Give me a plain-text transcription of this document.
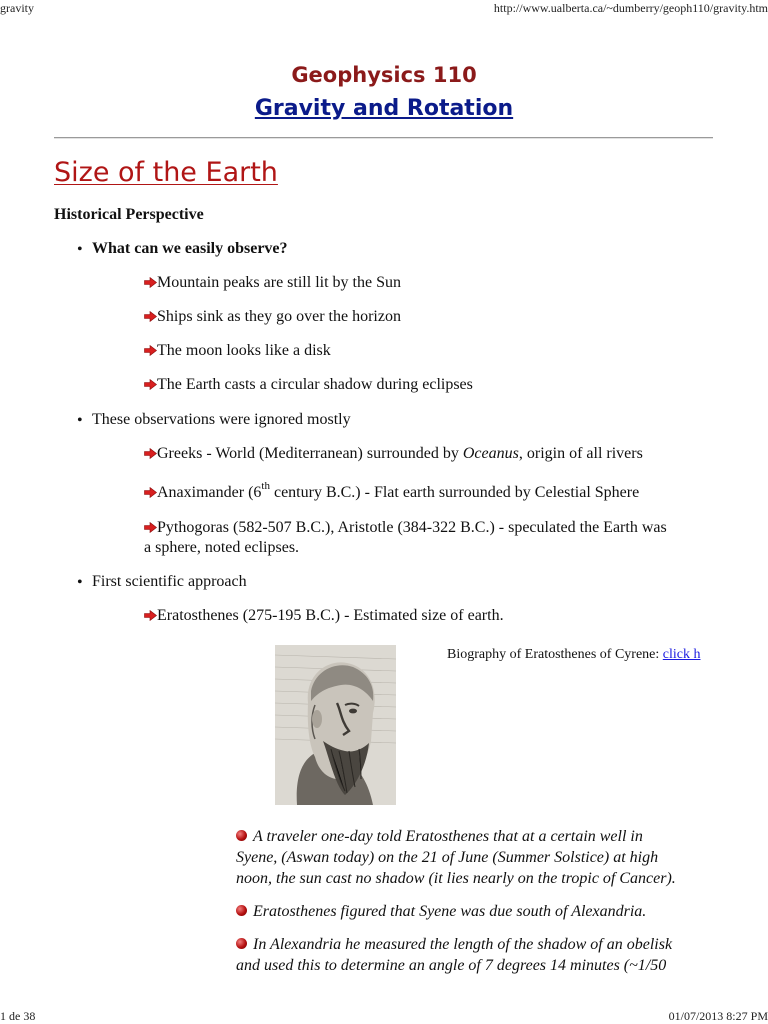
gravity	http://www.ualberta.ca/~dumberry/geoph110/gravity.htm
Geophysics 110
Gravity and Rotation
Size of the Earth
Historical Perspective
• What can we easily observe?
Mountain peaks are still lit by the Sun
Ships sink as they go over the horizon
The moon looks like a disk
The Earth casts a circular shadow during eclipses
• These observations were ignored mostly
Greeks - World (Mediterranean) surrounded by Oceanus, origin of all rivers
Anaximander (6th century B.C.) - Flat earth surrounded by Celestial Sphere
Pythogoras (582-507 B.C.), Aristotle (384-322 B.C.) - speculated the Earth was
a sphere, noted eclipses.
• First scientific approach
Eratosthenes (275-195 B.C.) - Estimated size of earth.
Biography of Eratosthenes of Cyrene: click h
A traveler one-day told Eratosthenes that at a certain well in
Syene, (Aswan today) on the 21 of June (Summer Solstice) at high
noon, the sun cast no shadow (it lies nearly on the tropic of Cancer).
Eratosthenes figured that Syene was due south of Alexandria.
In Alexandria he measured the length of the shadow of an obelisk
and used this to determine an angle of 7 degrees 14 minutes (~1/50
1 de 38	01/07/2013 8:27 PM
